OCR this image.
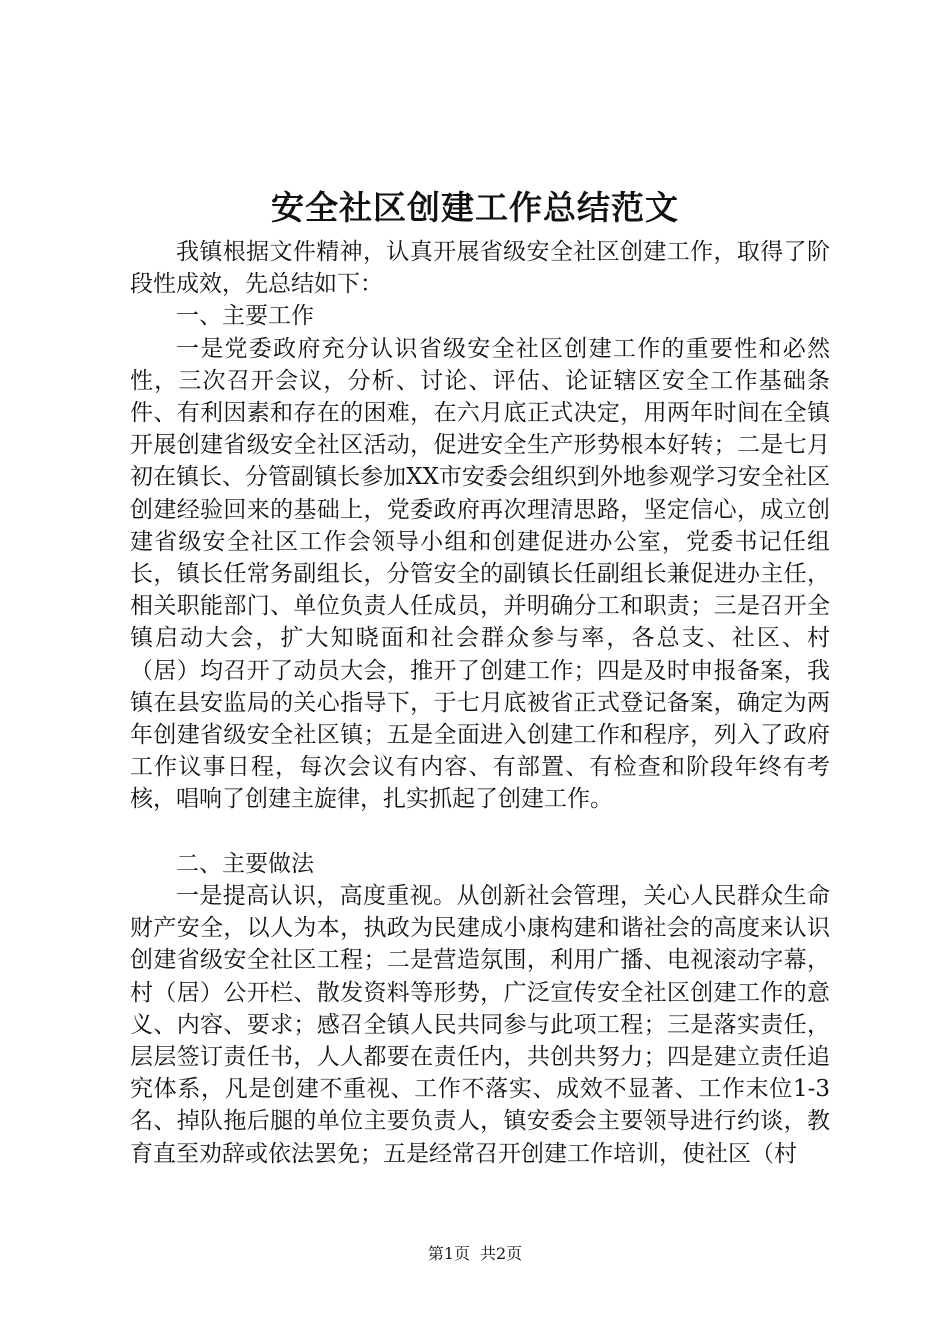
安全社区创建工作总结范文

我镇根据文件精神，认真开展省级安全社区创建工作，取得了阶段性成效，先总结如下：

一、主要工作

一是党委政府充分认识省级安全社区创建工作的重要性和必然性，三次召开会议，分析、讨论、评估、论证辖区安全工作基础条件、有利因素和存在的困难，在六月底正式决定，用两年时间在全镇开展创建省级安全社区活动，促进安全生产形势根本好转；二是七月初在镇长、分管副镇长参加XX市安委会组织到外地参观学习安全社区创建经验回来的基础上，党委政府再次理清思路，坚定信心，成立创建省级安全社区工作会领导小组和创建促进办公室，党委书记任组长，镇长任常务副组长，分管安全的副镇长任副组长兼促进办主任，相关职能部门、单位负责人任成员，并明确分工和职责；三是召开全镇启动大会，扩大知晓面和社会群众参与率，各总支、社区、村（居）均召开了动员大会，推开了创建工作；四是及时申报备案，我镇在县安监局的关心指导下，于七月底被省正式登记备案，确定为两年创建省级安全社区镇；五是全面进入创建工作和程序，列入了政府工作议事日程，每次会议有内容、有部置、有检查和阶段年终有考核，唱响了创建主旋律，扎实抓起了创建工作。

二、主要做法

一是提高认识，高度重视。从创新社会管理，关心人民群众生命财产安全，以人为本，执政为民建成小康构建和谐社会的高度来认识创建省级安全社区工程；二是营造氛围，利用广播、电视滚动字幕，村（居）公开栏、散发资料等形势，广泛宣传安全社区创建工作的意义、内容、要求；感召全镇人民共同参与此项工程；三是落实责任，层层签订责任书，人人都要在责任内，共创共努力；四是建立责任追究体系，凡是创建不重视、工作不落实、成效不显著、工作末位1-3名、掉队拖后腿的单位主要负责人，镇安委会主要领导进行约谈，教育直至劝辞或依法罢免；五是经常召开创建工作培训，使社区（村

第1页 共2页
